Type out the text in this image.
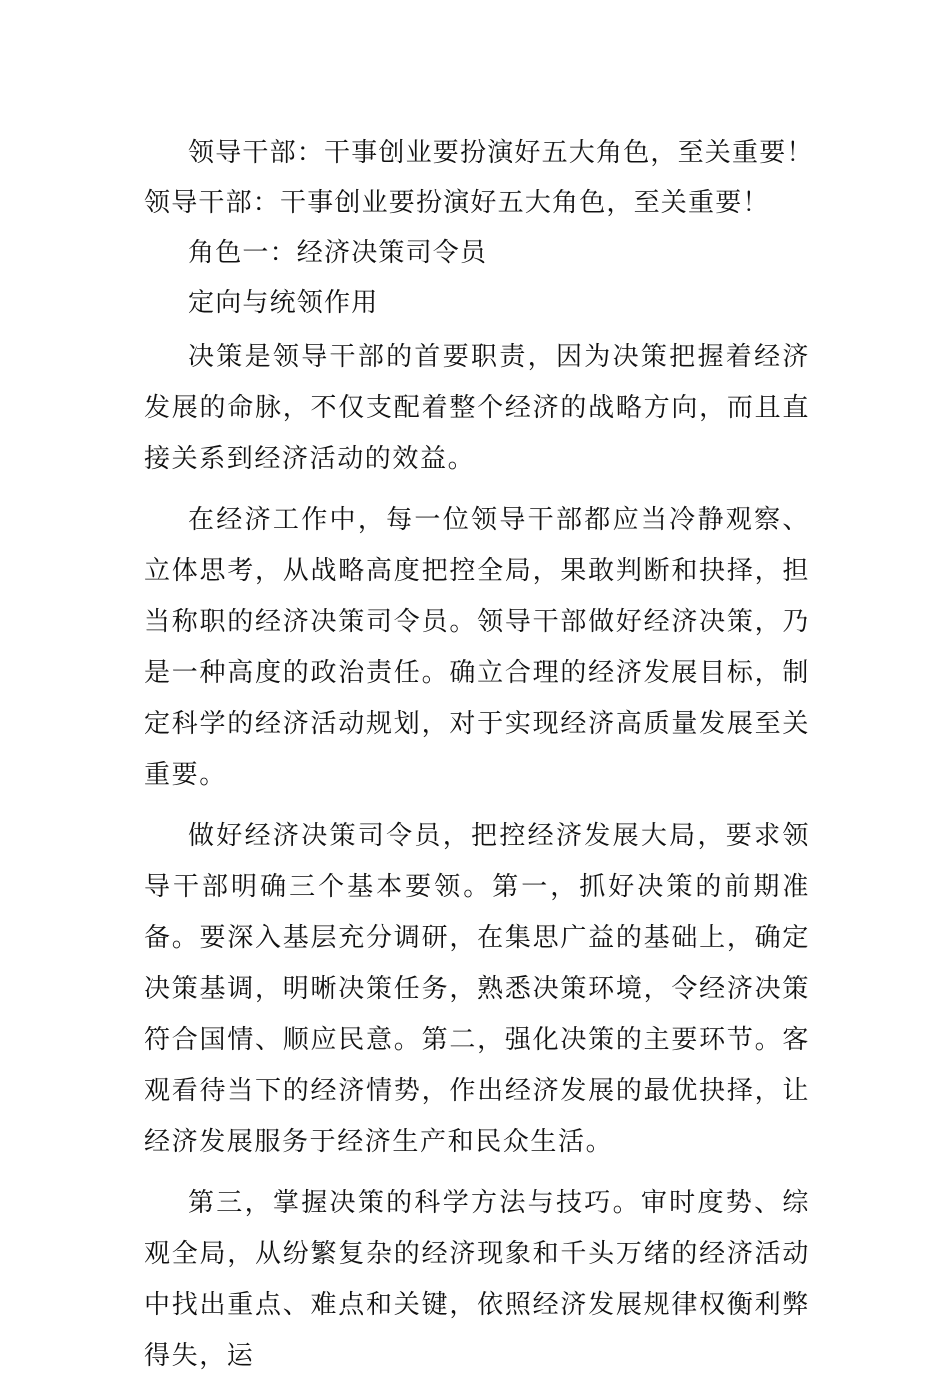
领导干部：干事创业要扮演好五大角色，至关重要！

领导干部：干事创业要扮演好五大角色，至关重要！

角色一：经济决策司令员

定向与统领作用

决策是领导干部的首要职责，因为决策把握着经济发展的命脉，不仅支配着整个经济的战略方向，而且直接关系到经济活动的效益。

在经济工作中，每一位领导干部都应当冷静观察、立体思考，从战略高度把控全局，果敢判断和抉择，担当称职的经济决策司令员。领导干部做好经济决策，乃是一种高度的政治责任。确立合理的经济发展目标，制定科学的经济活动规划，对于实现经济高质量发展至关重要。

做好经济决策司令员，把控经济发展大局，要求领导干部明确三个基本要领。第一，抓好决策的前期准备。要深入基层充分调研，在集思广益的基础上，确定决策基调，明晰决策任务，熟悉决策环境，令经济决策符合国情、顺应民意。第二，强化决策的主要环节。客观看待当下的经济情势，作出经济发展的最优抉择，让经济发展服务于经济生产和民众生活。

第三，掌握决策的科学方法与技巧。审时度势、综观全局，从纷繁复杂的经济现象和千头万绪的经济活动中找出重点、难点和关键，依照经济发展规律权衡利弊得失，运
